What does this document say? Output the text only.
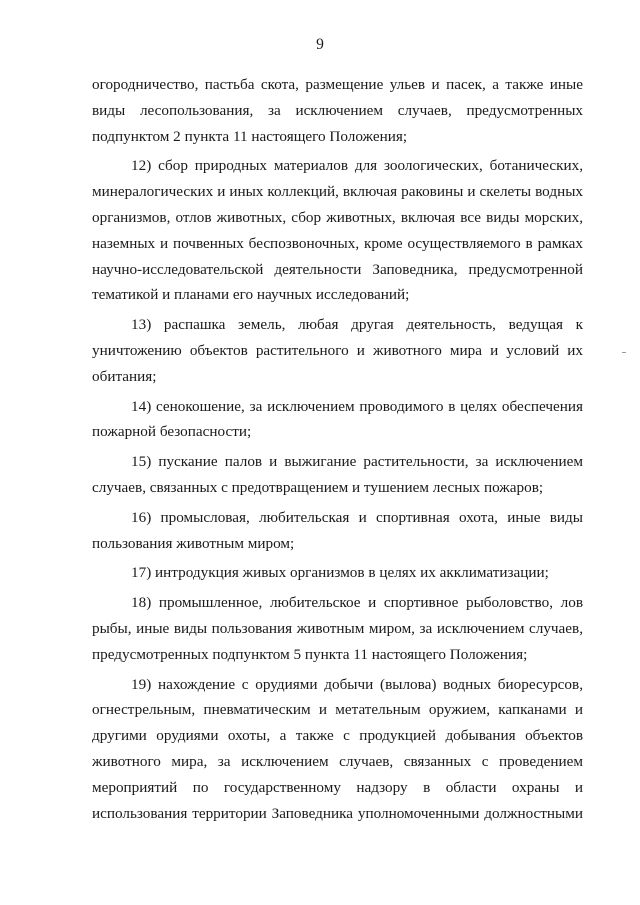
9

огородничество, пастьба скота, размещение ульев и пасек, а также иные виды лесопользования, за исключением случаев, предусмотренных подпунктом 2 пункта 11 настоящего Положения;

12) сбор природных материалов для зоологических, ботанических, минералогических и иных коллекций, включая раковины и скелеты водных организмов, отлов животных, сбор животных, включая все виды морских, наземных и почвенных беспозвоночных, кроме осуществляемого в рамках научно-исследовательской деятельности Заповедника, предусмотренной тематикой и планами его научных исследований;

13) распашка земель, любая другая деятельность, ведущая к уничтожению объектов растительного и животного мира и условий их обитания;

14) сенокошение, за исключением проводимого в целях обеспечения пожарной безопасности;

15) пускание палов и выжигание растительности, за исключением случаев, связанных с предотвращением и тушением лесных пожаров;

16) промысловая, любительская и спортивная охота, иные виды пользования животным миром;

17) интродукция живых организмов в целях их акклиматизации;

18) промышленное, любительское и спортивное рыболовство, лов рыбы, иные виды пользования животным миром, за исключением случаев, предусмотренных подпунктом 5 пункта 11 настоящего Положения;

19) нахождение с орудиями добычи (вылова) водных биоресурсов, огнестрельным, пневматическим и метательным оружием, капканами и другими орудиями охоты, а также с продукцией добывания объектов животного мира, за исключением случаев, связанных с проведением мероприятий по государственному надзору в области охраны и использования территории Заповедника уполномоченными должностными
